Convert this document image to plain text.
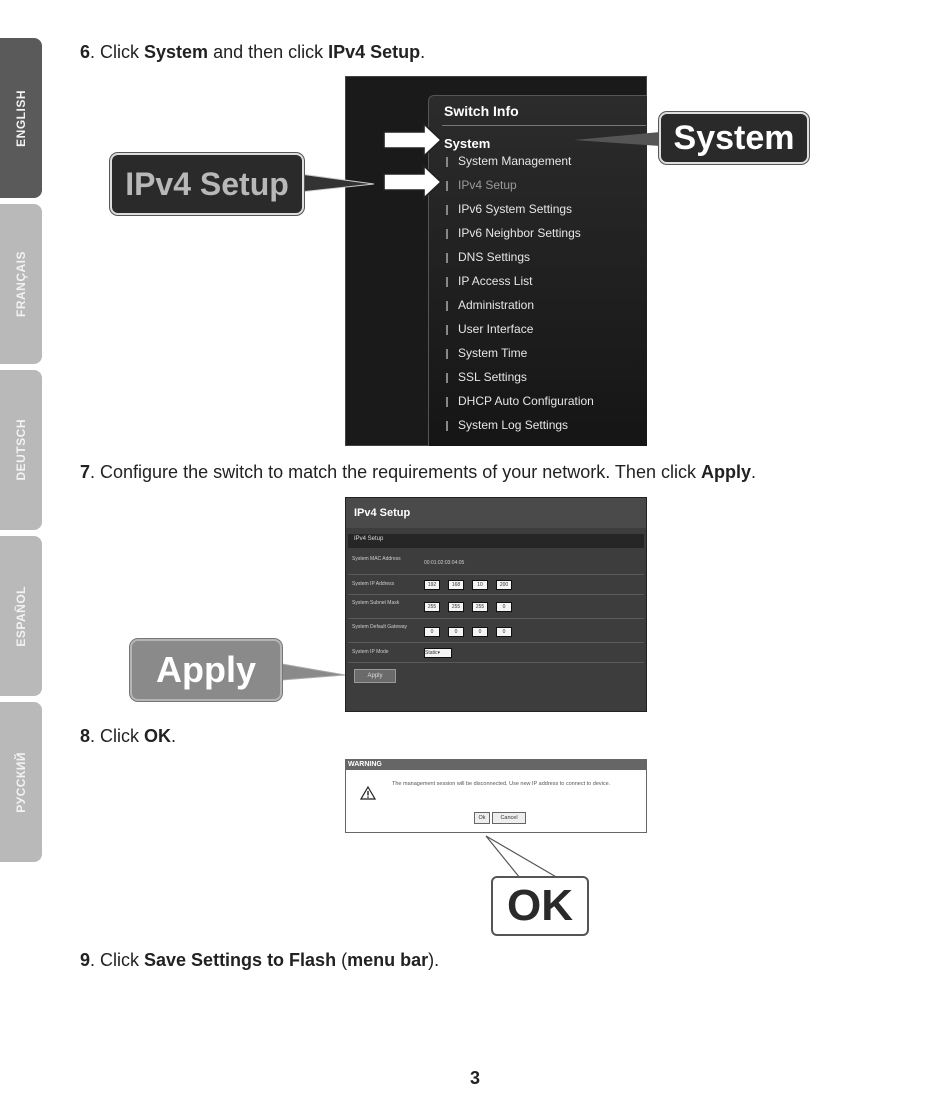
ENGLISH
FRANÇAIS
DEUTSCH
ESPAÑOL
РУССКИЙ
6. Click System and then click IPv4 Setup.
Switch Info
System
System Management
IPv4 Setup
IPv6 System Settings
IPv6 Neighbor Settings
DNS Settings
IP Access List
Administration
User Interface
System Time
SSL Settings
DHCP Auto Configuration
System Log Settings
System
IPv4 Setup
7. Configure the switch to match the requirements of your network. Then click Apply.
IPv4 Setup
IPv4 Setup
System MAC Address
00:01:02:03:04:05
System IP Address	192	168	10	200
System Subnet Mask
255	255	255	0
System Default Gateway
0	0	0	0
System IP Mode	Static▾
Apply
Apply
8. Click OK.
WARNING
The management session will be disconnected. Use new IP address to connect to device.
Ok	Cancel
OK
9. Click Save Settings to Flash (menu bar).
3
